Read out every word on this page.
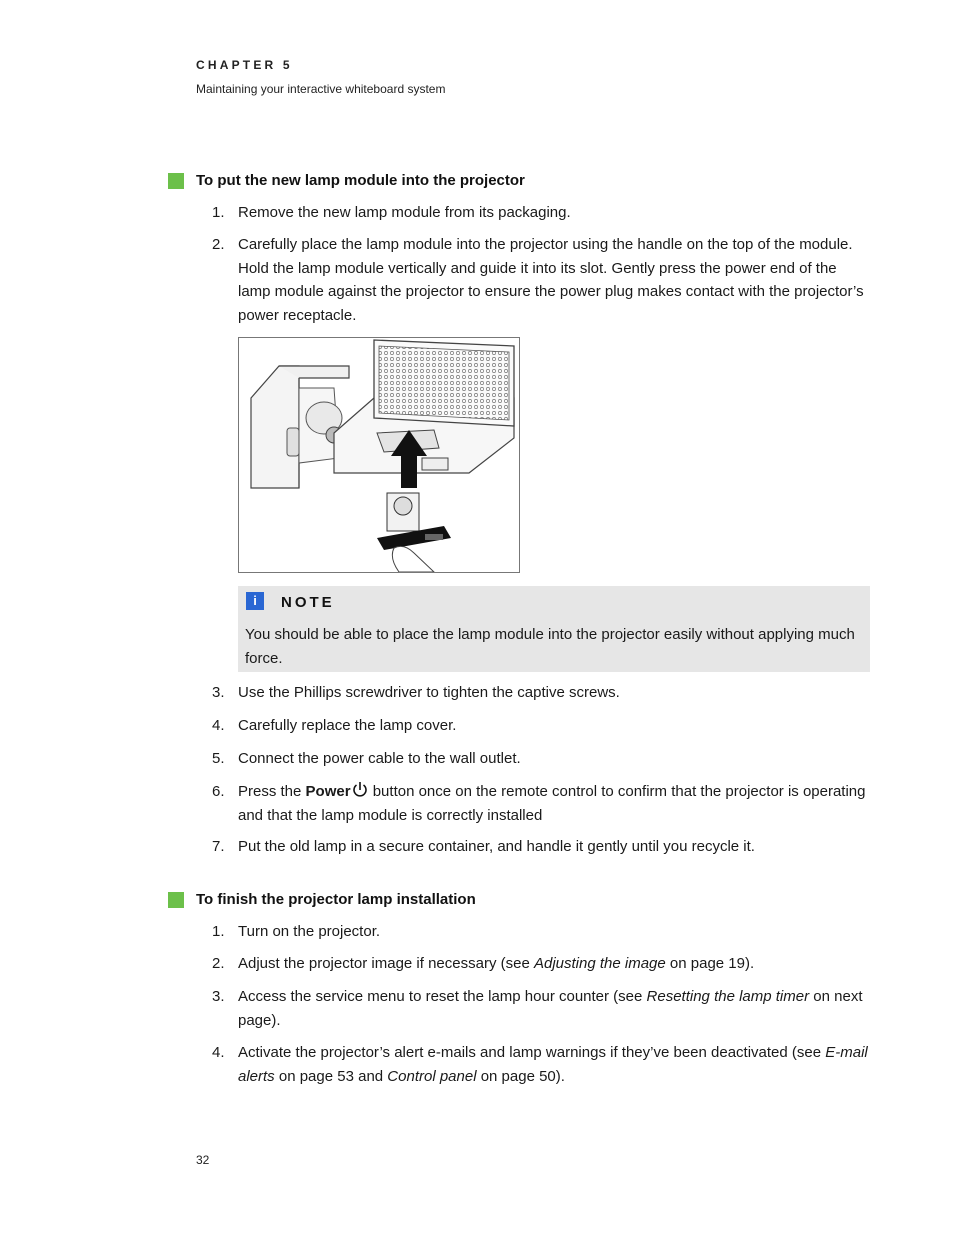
CHAPTER 5
Maintaining your interactive whiteboard system
To put the new lamp module into the projector
1. Remove the new lamp module from its packaging.
2. Carefully place the lamp module into the projector using the handle on the top of the module. Hold the lamp module vertically and guide it into its slot. Gently press the power end of the lamp module against the projector to ensure the power plug makes contact with the projector’s power receptacle.
i	NOTE
You should be able to place the lamp module into the projector easily without applying much force.
3. Use the Phillips screwdriver to tighten the captive screws.
4. Carefully replace the lamp cover.
5. Connect the power cable to the wall outlet.
6. Press the Power button once on the remote control to confirm that the projector is operating and that the lamp module is correctly installed
7. Put the old lamp in a secure container, and handle it gently until you recycle it.
To finish the projector lamp installation
1. Turn on the projector.
2. Adjust the projector image if necessary (see Adjusting the image on page 19).
3. Access the service menu to reset the lamp hour counter (see Resetting the lamp timer on next page).
4. Activate the projector’s alert e-mails and lamp warnings if they’ve been deactivated (see E-mail alerts on page 53 and Control panel on page 50).
32
